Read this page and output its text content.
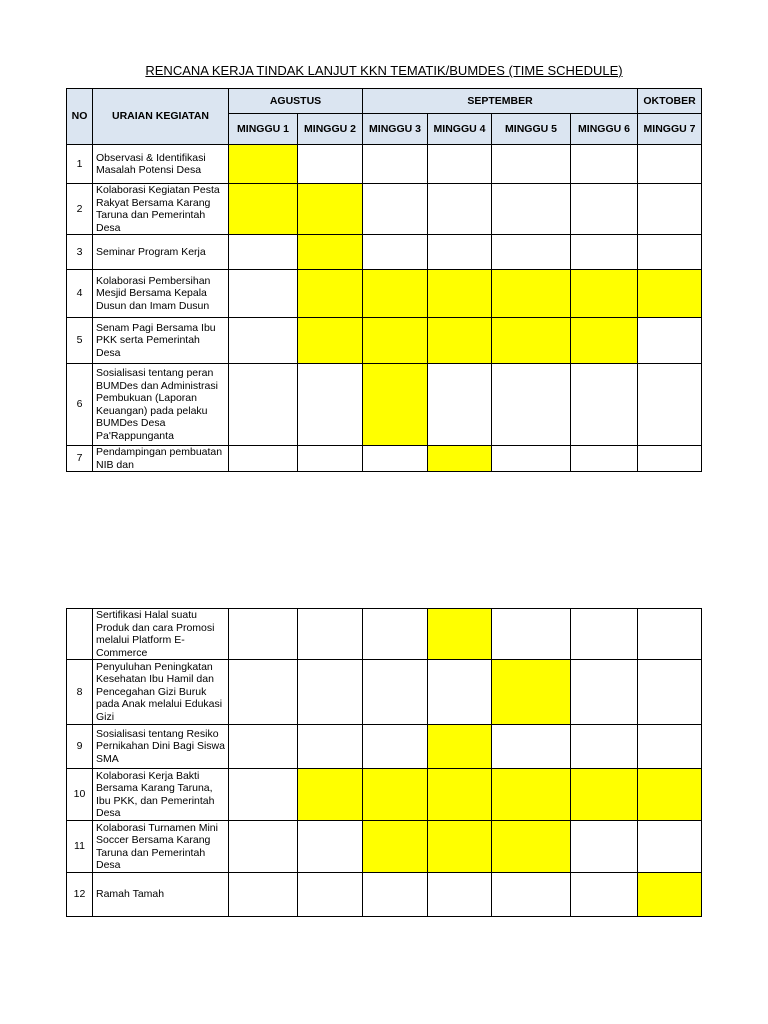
RENCANA KERJA TINDAK LANJUT KKN TEMATIK/BUMDES (TIME SCHEDULE)
NO	URAIAN KEGIATAN	AGUSTUS		SEPTEMBER				OKTOBER
		MINGGU 1	MINGGU 2	MINGGU 3	MINGGU 4	MINGGU 5	MINGGU 6	MINGGU 7
1	Observasi & Identifikasi Masalah Potensi Desa							
2	Kolaborasi Kegiatan Pesta Rakyat Bersama Karang Taruna dan Pemerintah Desa							
3	Seminar Program Kerja							
4	Kolaborasi Pembersihan Mesjid Bersama Kepala Dusun dan Imam Dusun							
5	Senam Pagi Bersama Ibu PKK serta Pemerintah Desa							
6	Sosialisasi tentang peran BUMDes dan Administrasi Pembukuan (Laporan Keuangan) pada pelaku BUMDes Desa Pa'Rappunganta							
7	Pendampingan pembuatan NIB dan							
	Sertifikasi Halal suatu Produk dan cara Promosi melalui Platform E-Commerce							
8	Penyuluhan Peningkatan Kesehatan Ibu Hamil dan Pencegahan Gizi Buruk pada Anak melalui Edukasi Gizi							
9	Sosialisasi tentang Resiko Pernikahan Dini Bagi Siswa SMA							
10	Kolaborasi Kerja Bakti Bersama Karang Taruna, Ibu PKK, dan Pemerintah Desa							
11	Kolaborasi Turnamen Mini Soccer Bersama Karang Taruna dan Pemerintah Desa							
12	Ramah Tamah							
